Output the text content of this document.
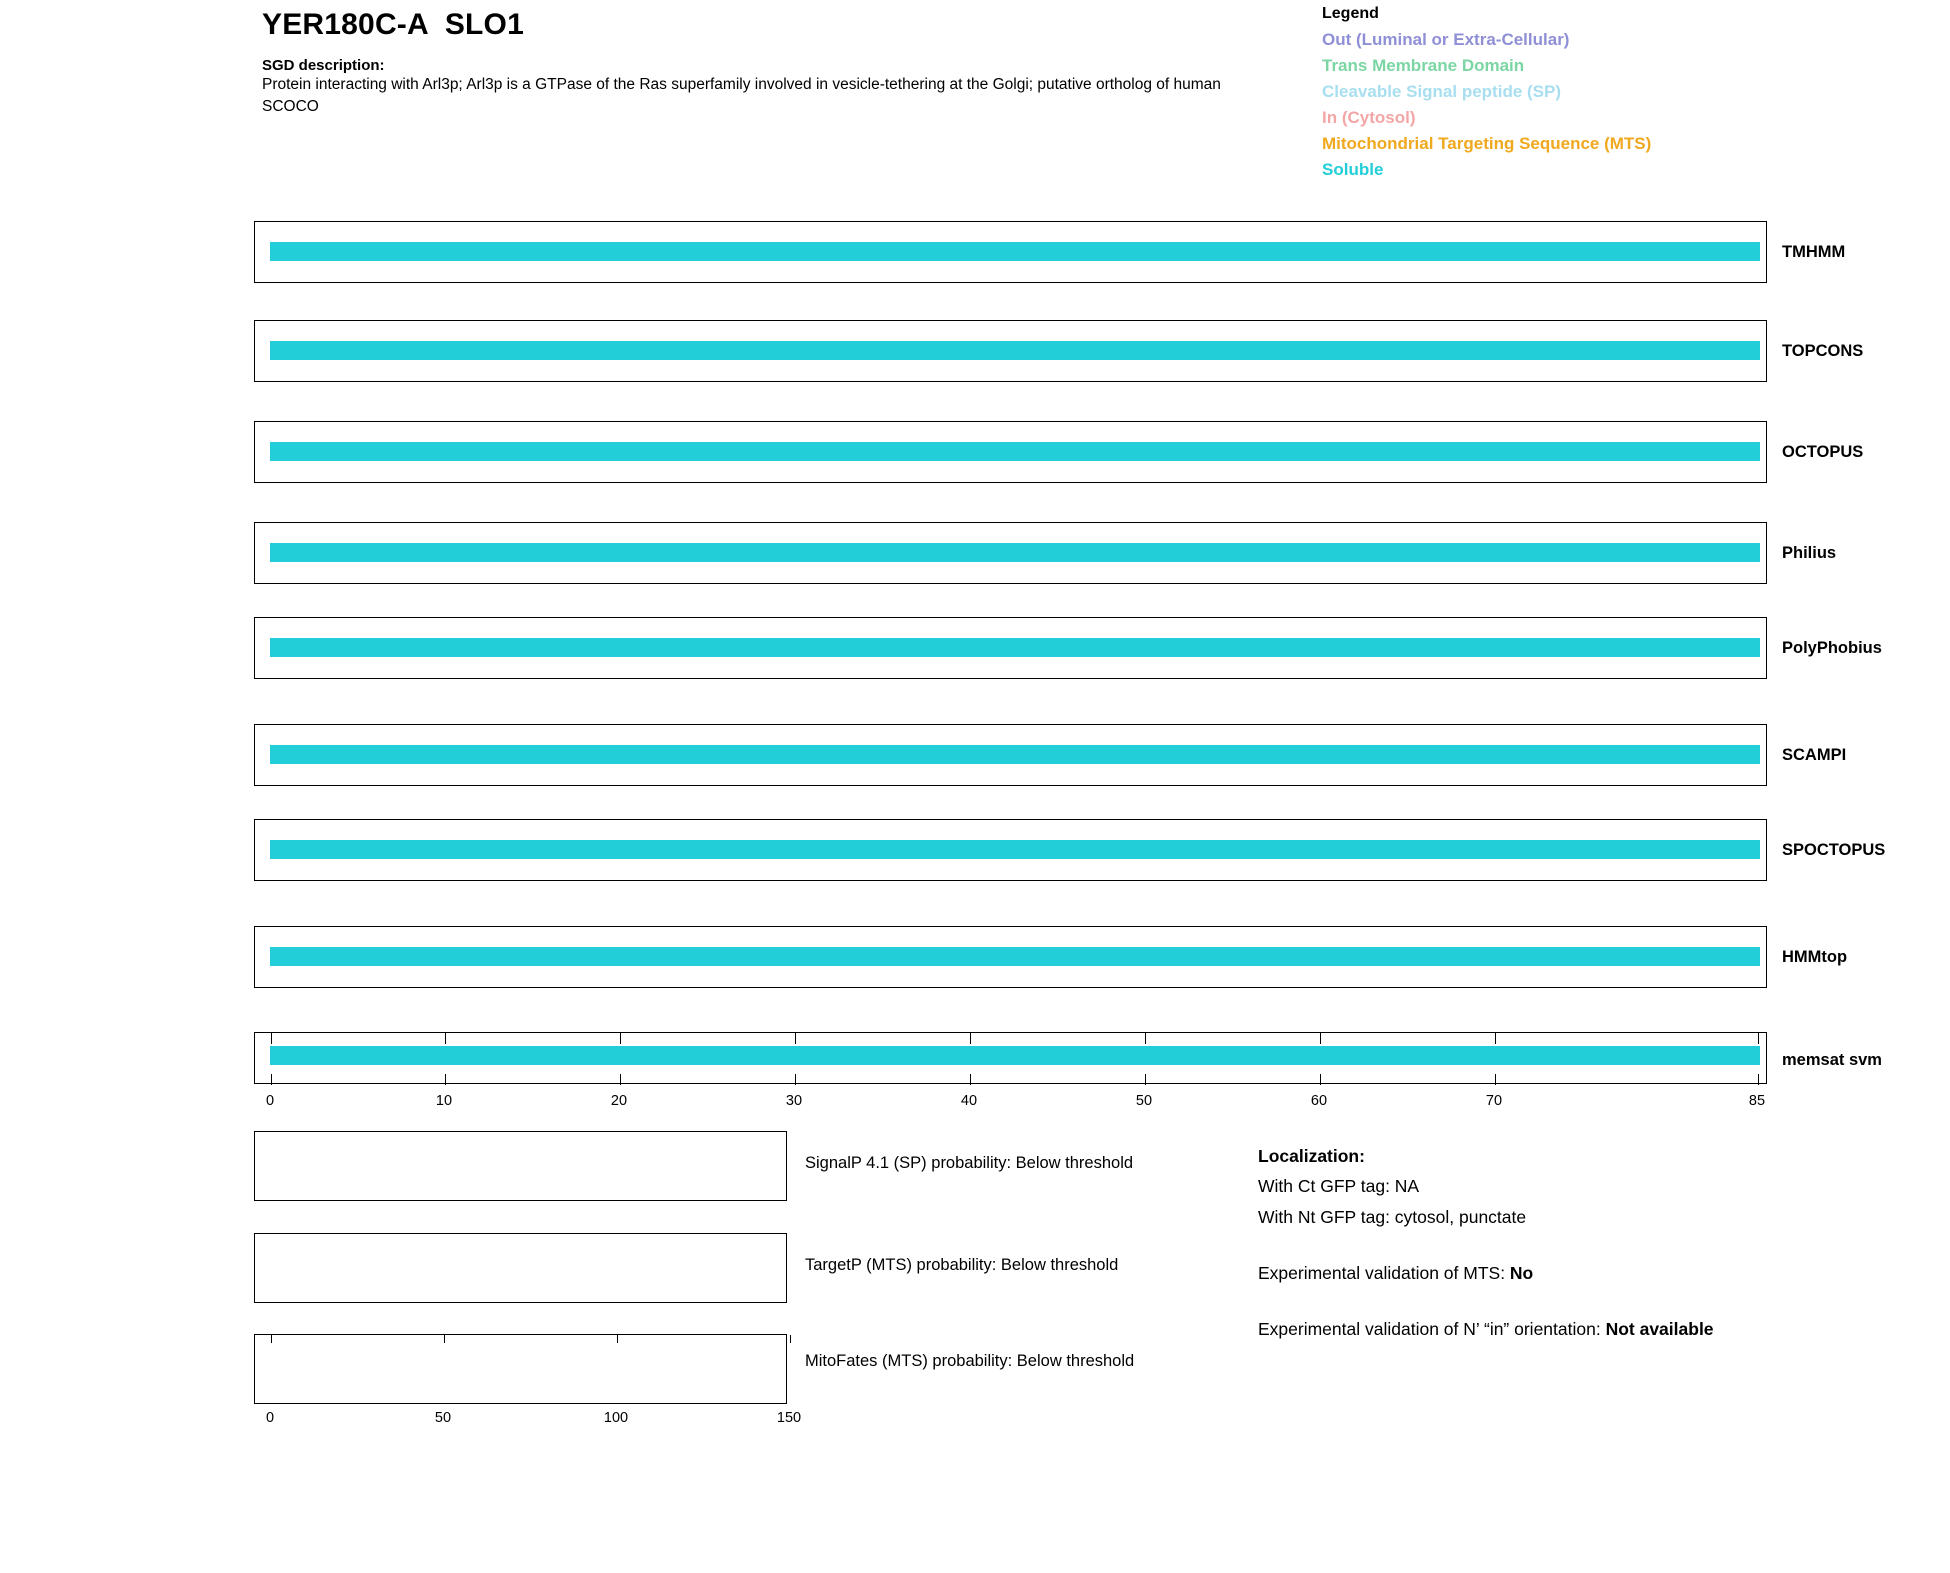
YER180C-A  SLO1
SGD description:
Protein interacting with Arl3p; Arl3p is a GTPase of the Ras superfamily involved in vesicle-tethering at the Golgi; putative ortholog of human SCOCO
Legend
Out (Luminal or Extra-Cellular)
Trans Membrane Domain
Cleavable Signal peptide (SP)
In (Cytosol)
Mitochondrial Targeting Sequence (MTS)
Soluble
TMHMM
TOPCONS
OCTOPUS
Philius
PolyPhobius
SCAMPI
SPOCTOPUS
HMMtop
memsat svm
0	10	20	30	40	50	60	70	85
SignalP 4.1 (SP) probability: Below threshold
TargetP (MTS) probability: Below threshold
MitoFates (MTS) probability: Below threshold
0	50	100	150
Localization:
With Ct GFP tag: NA
With Nt GFP tag: cytosol, punctate
Experimental validation of MTS: No
Experimental validation of N’ “in” orientation: Not available
